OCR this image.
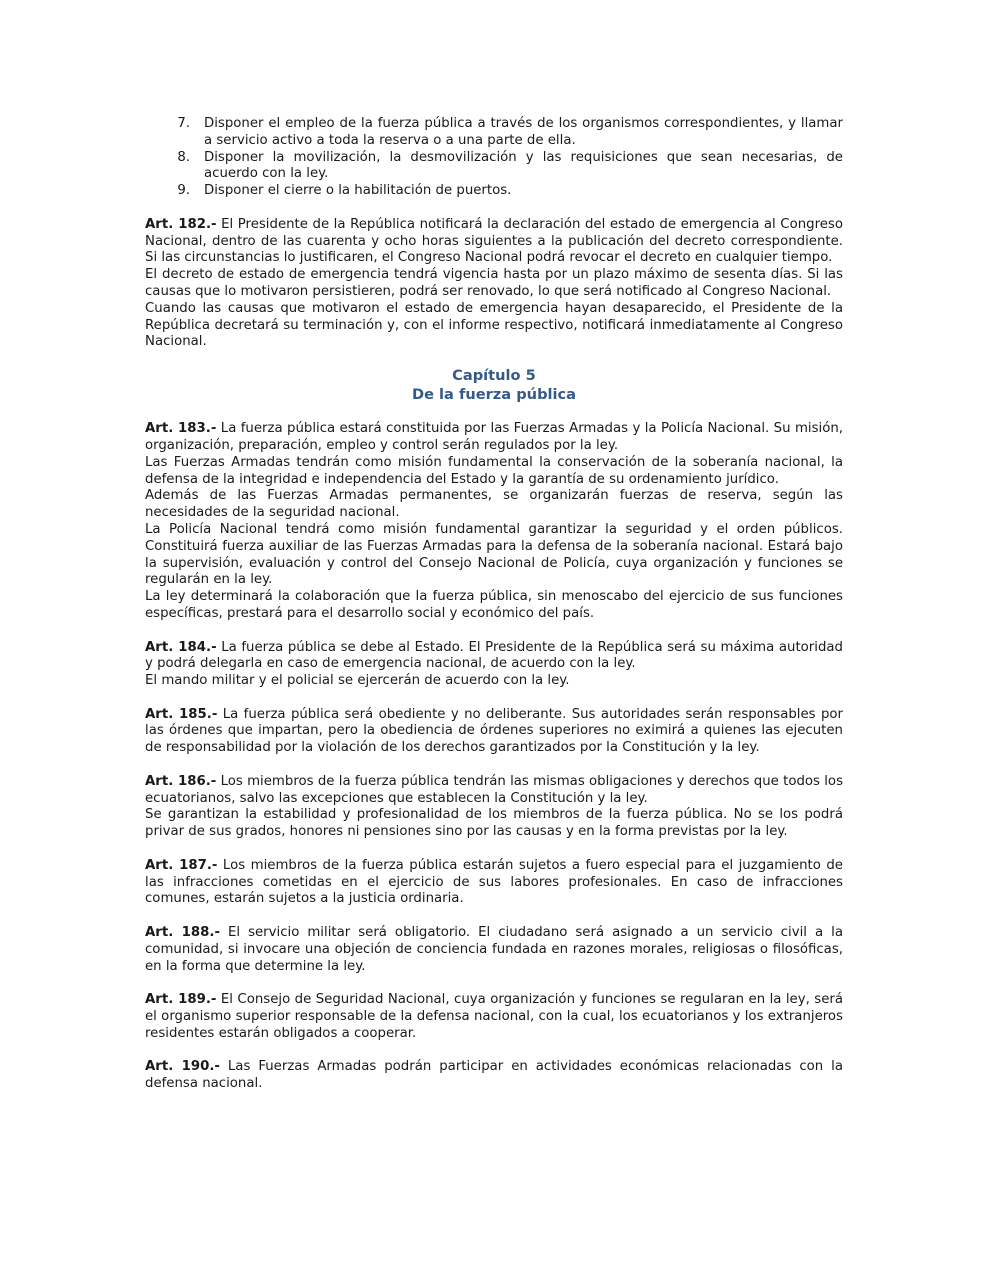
7.	Disponer el empleo de la fuerza pública a través de los organismos correspondientes, y llamar a servicio activo a toda la reserva o a una parte de ella.
8.	Disponer la movilización, la desmovilización y las requisiciones que sean necesarias, de acuerdo con la ley.
9.	Disponer el cierre o la habilitación de puertos.

Art. 182.- El Presidente de la República notificará la declaración del estado de emergencia al Congreso Nacional, dentro de las cuarenta y ocho horas siguientes a la publicación del decreto correspondiente. Si las circunstancias lo justificaren, el Congreso Nacional podrá revocar el decreto en cualquier tiempo.

El decreto de estado de emergencia tendrá vigencia hasta por un plazo máximo de sesenta días. Si las causas que lo motivaron persistieren, podrá ser renovado, lo que será notificado al Congreso Nacional.

Cuando las causas que motivaron el estado de emergencia hayan desaparecido, el Presidente de la República decretará su terminación y, con el informe respectivo, notificará inmediatamente al Congreso Nacional.

Capítulo 5
De la fuerza pública

Art. 183.- La fuerza pública estará constituida por las Fuerzas Armadas y la Policía Nacional. Su misión, organización, preparación, empleo y control serán regulados por la ley.

Las Fuerzas Armadas tendrán como misión fundamental la conservación de la soberanía nacional, la defensa de la integridad e independencia del Estado y la garantía de su ordenamiento jurídico.

Además de las Fuerzas Armadas permanentes, se organizarán fuerzas de reserva, según las necesidades de la seguridad nacional.

La Policía Nacional tendrá como misión fundamental garantizar la seguridad y el orden públicos. Constituirá fuerza auxiliar de las Fuerzas Armadas para la defensa de la soberanía nacional. Estará bajo la supervisión, evaluación y control del Consejo Nacional de Policía, cuya organización y funciones se regularán en la ley.

La ley determinará la colaboración que la fuerza pública, sin menoscabo del ejercicio de sus funciones específicas, prestará para el desarrollo social y económico del país.

Art. 184.- La fuerza pública se debe al Estado. El Presidente de la República será su máxima autoridad y podrá delegarla en caso de emergencia nacional, de acuerdo con la ley.

El mando militar y el policial se ejercerán de acuerdo con la ley.

Art. 185.- La fuerza pública será obediente y no deliberante. Sus autoridades serán responsables por las órdenes que impartan, pero la obediencia de órdenes superiores no eximirá a quienes las ejecuten de responsabilidad por la violación de los derechos garantizados por la Constitución y la ley.

Art. 186.- Los miembros de la fuerza pública tendrán las mismas obligaciones y derechos que todos los ecuatorianos, salvo las excepciones que establecen la Constitución y la ley.

Se garantizan la estabilidad y profesionalidad de los miembros de la fuerza pública. No se los podrá privar de sus grados, honores ni pensiones sino por las causas y en la forma previstas por la ley.

Art. 187.- Los miembros de la fuerza pública estarán sujetos a fuero especial para el juzgamiento de las infracciones cometidas en el ejercicio de sus labores profesionales. En caso de infracciones comunes, estarán sujetos a la justicia ordinaria.

Art. 188.- El servicio militar será obligatorio. El ciudadano será asignado a un servicio civil a la comunidad, si invocare una objeción de conciencia fundada en razones morales, religiosas o filosóficas, en la forma que determine la ley.

Art. 189.- El Consejo de Seguridad Nacional, cuya organización y funciones se regularan en la ley, será el organismo superior responsable de la defensa nacional, con la cual, los ecuatorianos y los extranjeros residentes estarán obligados a cooperar.

Art. 190.- Las Fuerzas Armadas podrán participar en actividades económicas relacionadas con la defensa nacional.
